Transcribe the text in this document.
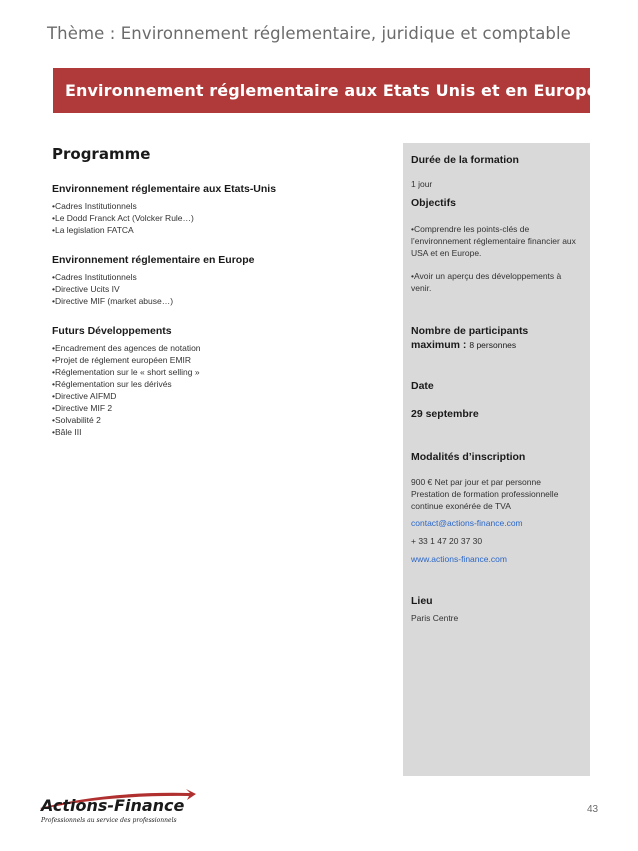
Thème : Environnement réglementaire, juridique et comptable
Environnement réglementaire aux Etats Unis et en Europe
Programme
Environnement réglementaire aux Etats-Unis
•Cadres Institutionnels
•Le Dodd Franck Act (Volcker Rule…)
•La legislation FATCA
Environnement réglementaire en Europe
•Cadres Institutionnels
•Directive Ucits IV
•Directive MIF (market abuse…)
Futurs Développements
•Encadrement des agences de notation
•Projet de réglement européen EMIR
•Réglementation sur le « short selling »
•Réglementation sur les dérivés
•Directive AIFMD
•Directive MIF 2
•Solvabilité 2
•Bâle III
Durée de la formation
1 jour
Objectifs
•Comprendre les points-clés de l’environnement réglementaire financier aux USA et en Europe.
•Avoir un aperçu des développements à venir.
Nombre de participants maximum : 8 personnes
Date
29 septembre
Modalités d’inscription
900 € Net par jour et par personne Prestation de formation professionnelle continue exonérée de TVA
contact@actions-finance.com
+ 33 1 47 20 37 30
www.actions-finance.com
Lieu
Paris Centre
Actions-Finance
Professionnels au service des professionnels
43
